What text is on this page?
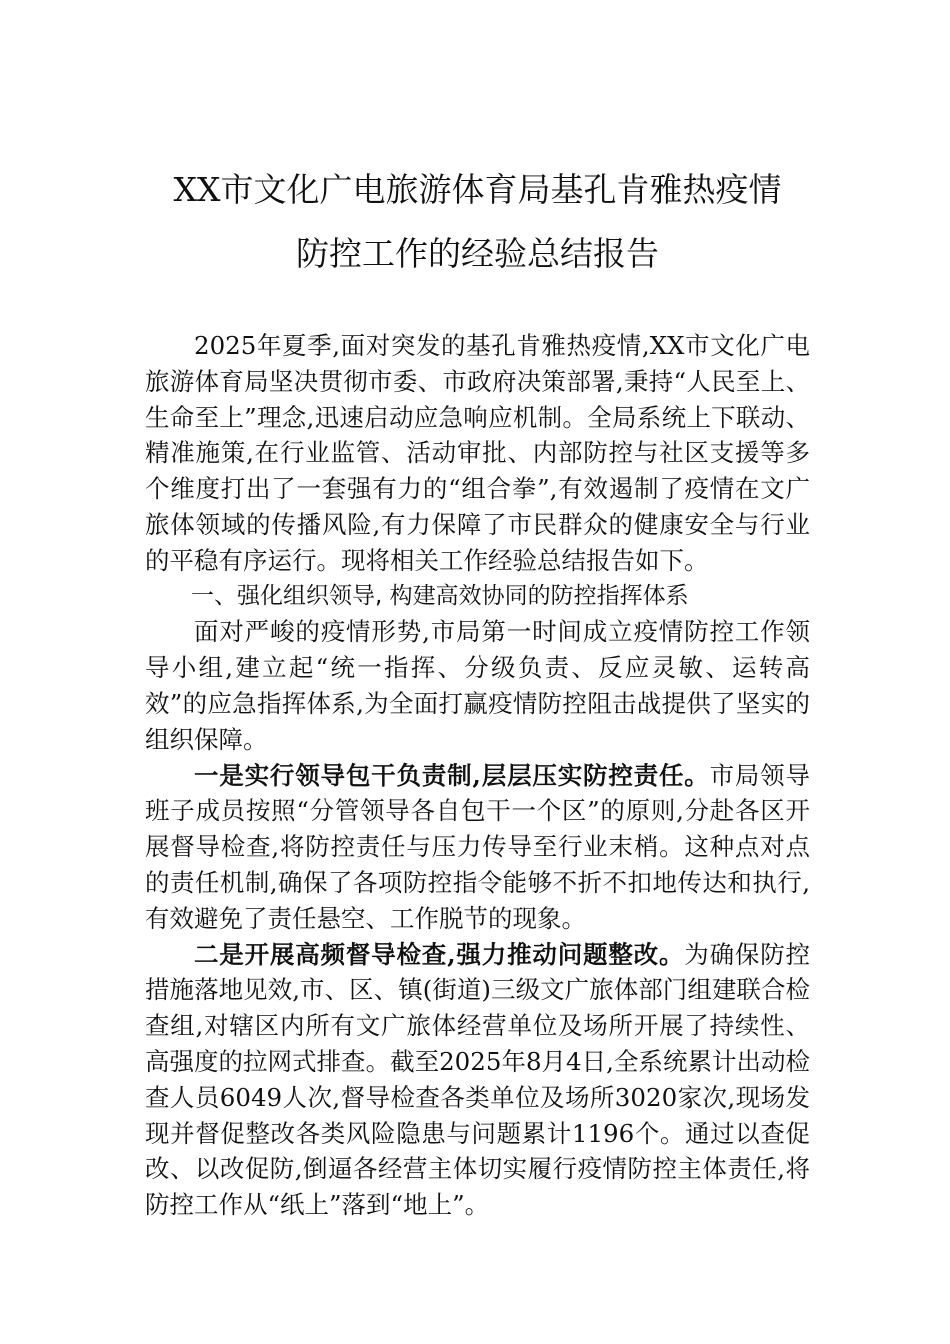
XX市文化广电旅游体育局基孔肯雅热疫情
防控工作的经验总结报告

2025年夏季,面对突发的基孔肯雅热疫情,XX市文化广电旅游体育局坚决贯彻市委、市政府决策部署,秉持“人民至上、生命至上”理念,迅速启动应急响应机制。全局系统上下联动、精准施策,在行业监管、活动审批、内部防控与社区支援等多个维度打出了一套强有力的“组合拳”,有效遏制了疫情在文广旅体领域的传播风险,有力保障了市民群众的健康安全与行业的平稳有序运行。现将相关工作经验总结报告如下。

一、强化组织领导, 构建高效协同的防控指挥体系

面对严峻的疫情形势,市局第一时间成立疫情防控工作领导小组,建立起“统一指挥、分级负责、反应灵敏、运转高效”的应急指挥体系,为全面打赢疫情防控阻击战提供了坚实的组织保障。

一是实行领导包干负责制,层层压实防控责任。市局领导班子成员按照“分管领导各自包干一个区”的原则,分赴各区开展督导检查,将防控责任与压力传导至行业末梢。这种点对点的责任机制,确保了各项防控指令能够不折不扣地传达和执行,有效避免了责任悬空、工作脱节的现象。

二是开展高频督导检查,强力推动问题整改。为确保防控措施落地见效,市、区、镇(街道)三级文广旅体部门组建联合检查组,对辖区内所有文广旅体经营单位及场所开展了持续性、高强度的拉网式排查。截至2025年8月4日,全系统累计出动检查人员6049人次,督导检查各类单位及场所3020家次,现场发现并督促整改各类风险隐患与问题累计1196个。通过以查促改、以改促防,倒逼各经营主体切实履行疫情防控主体责任,将防控工作从“纸上”落到“地上”。
